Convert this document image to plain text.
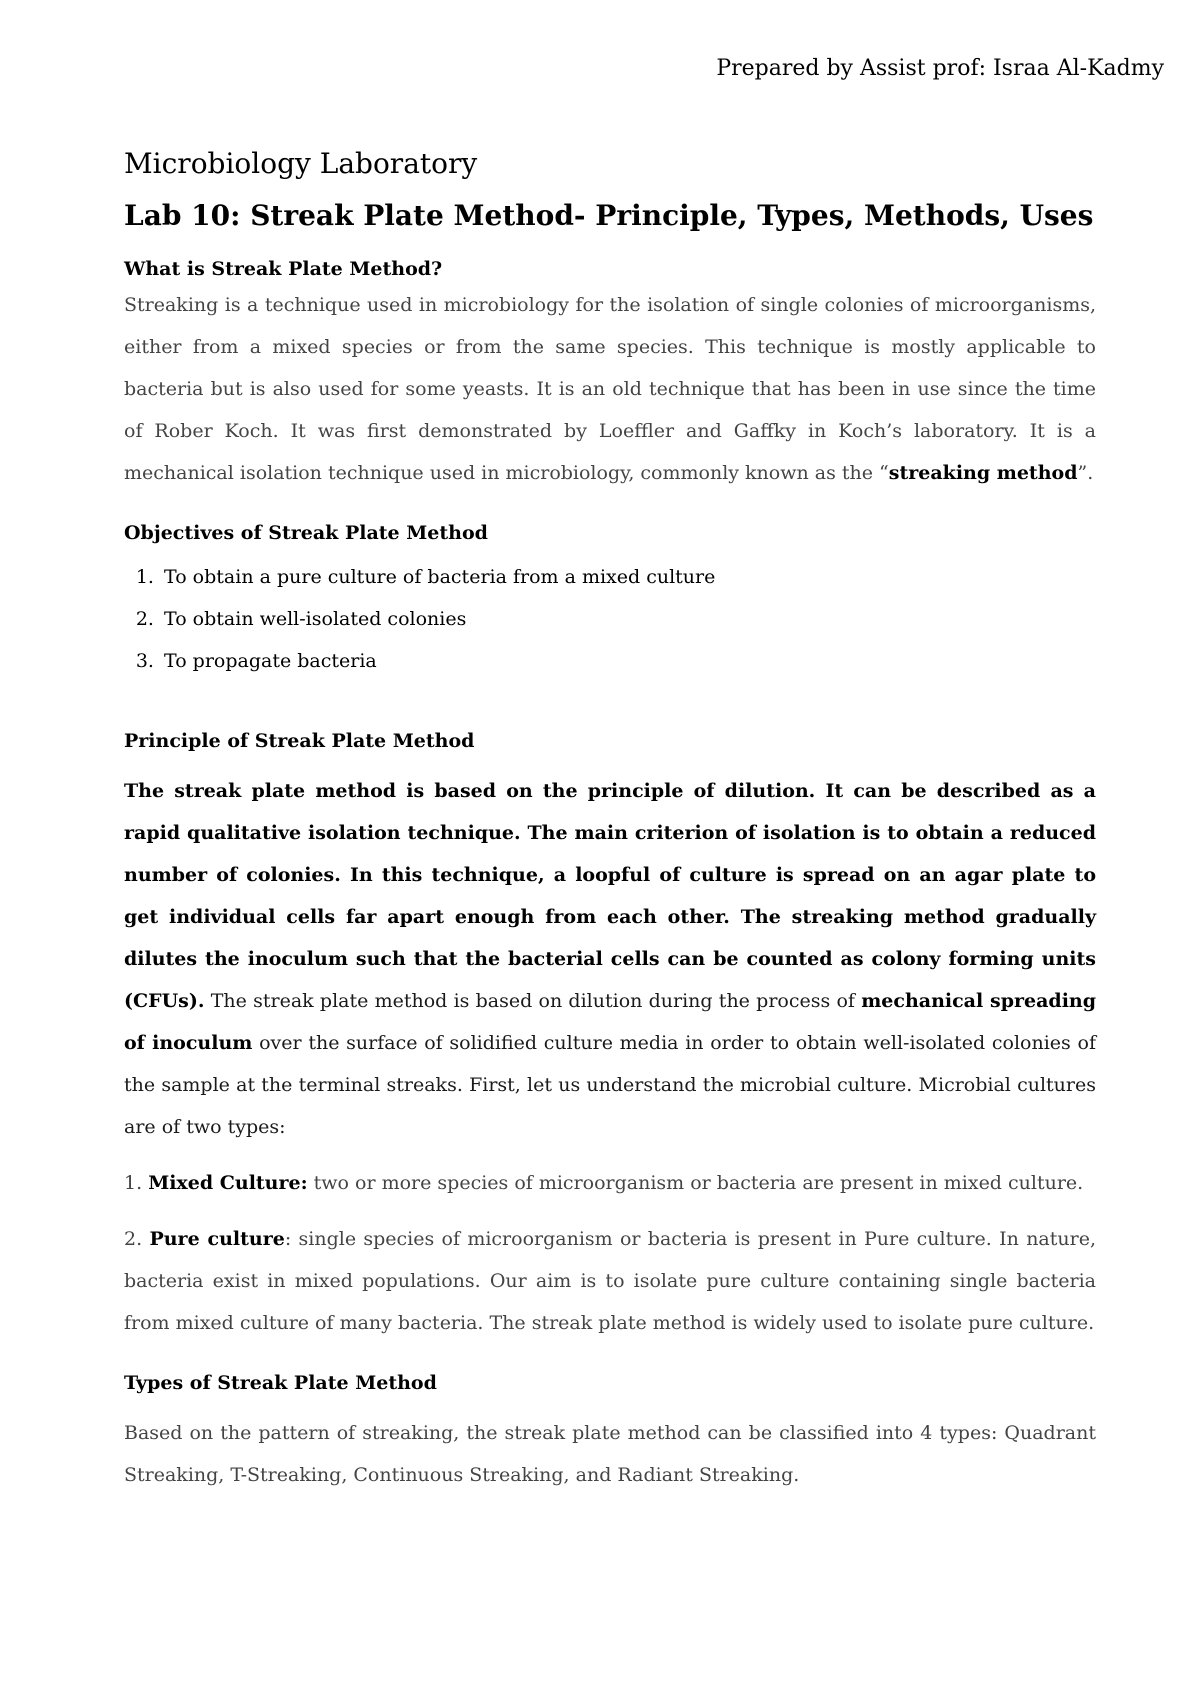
Prepared by Assist prof: Israa Al-Kadmy
Microbiology Laboratory
Lab 10: Streak Plate Method- Principle, Types, Methods, Uses
What is Streak Plate Method?

Streaking is a technique used in microbiology for the isolation of single colonies of microorganisms, either from a mixed species or from the same species. This technique is mostly applicable to bacteria but is also used for some yeasts. It is an old technique that has been in use since the time of Rober Koch. It was first demonstrated by Loeffler and Gaffky in Koch’s laboratory. It is a mechanical isolation technique used in microbiology, commonly known as the “streaking method”.

Objectives of Streak Plate Method
1. To obtain a pure culture of bacteria from a mixed culture
2. To obtain well-isolated colonies
3. To propagate bacteria
Principle of Streak Plate Method

The streak plate method is based on the principle of dilution. It can be described as a rapid qualitative isolation technique. The main criterion of isolation is to obtain a reduced number of colonies. In this technique, a loopful of culture is spread on an agar plate to get individual cells far apart enough from each other. The streaking method gradually dilutes the inoculum such that the bacterial cells can be counted as colony forming units (CFUs). The streak plate method is based on dilution during the process of mechanical spreading of inoculum over the surface of solidified culture media in order to obtain well-isolated colonies of the sample at the terminal streaks. First, let us understand the microbial culture. Microbial cultures are of two types:

1. Mixed Culture: two or more species of microorganism or bacteria are present in mixed culture.

2. Pure culture: single species of microorganism or bacteria is present in Pure culture. In nature, bacteria exist in mixed populations. Our aim is to isolate pure culture containing single bacteria from mixed culture of many bacteria. The streak plate method is widely used to isolate pure culture.

Types of Streak Plate Method

Based on the pattern of streaking, the streak plate method can be classified into 4 types: Quadrant Streaking, T-Streaking, Continuous Streaking, and Radiant Streaking.
